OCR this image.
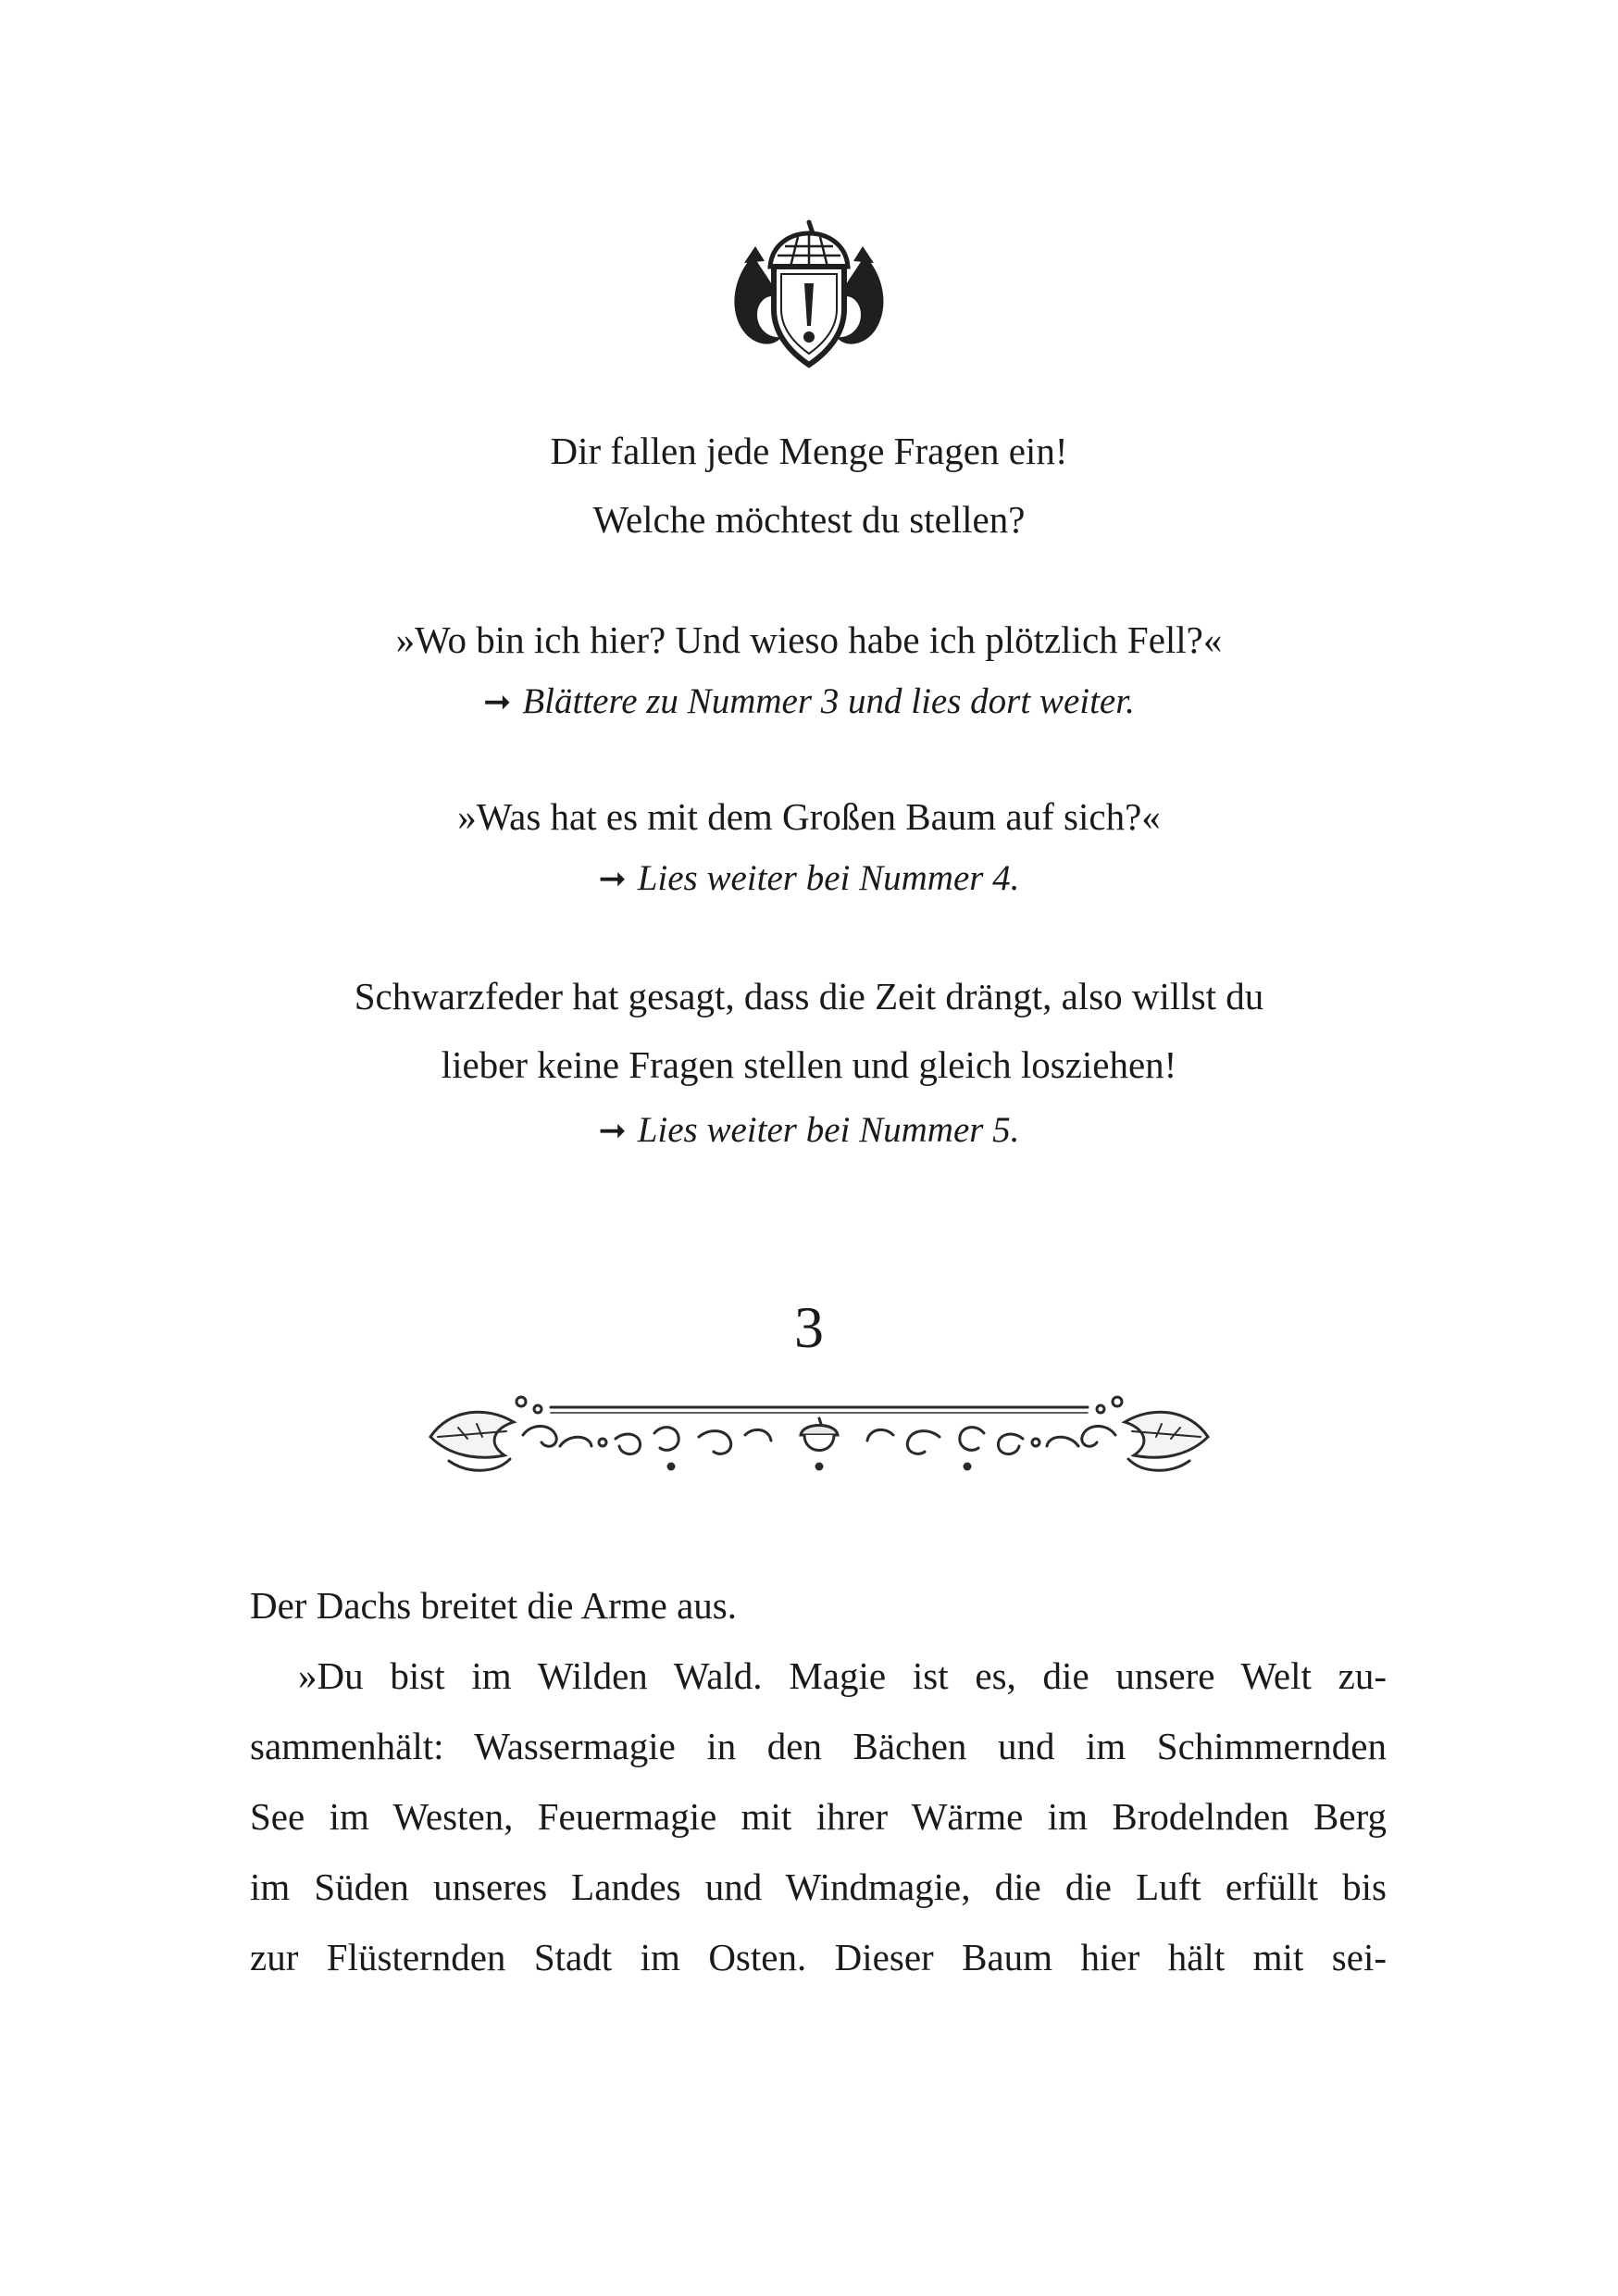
Dir fallen jede Menge Fragen ein!
Welche möchtest du stellen?
»Wo bin ich hier? Und wieso habe ich plötzlich Fell?«
➞ Blättere zu Nummer 3 und lies dort weiter.
»Was hat es mit dem Großen Baum auf sich?«
➞ Lies weiter bei Nummer 4.
Schwarzfeder hat gesagt, dass die Zeit drängt, also willst du
lieber keine Fragen stellen und gleich losziehen!
➞ Lies weiter bei Nummer 5.
3

Der Dachs breitet die Arme aus.

»Du bist im Wilden Wald. Magie ist es, die unsere Welt zu-
sammenhält: Wassermagie in den Bächen und im Schimmernden
See im Westen, Feuermagie mit ihrer Wärme im Brodelnden Berg
im Süden unseres Landes und Windmagie, die die Luft erfüllt bis
zur Flüsternden Stadt im Osten. Dieser Baum hier hält mit sei-
